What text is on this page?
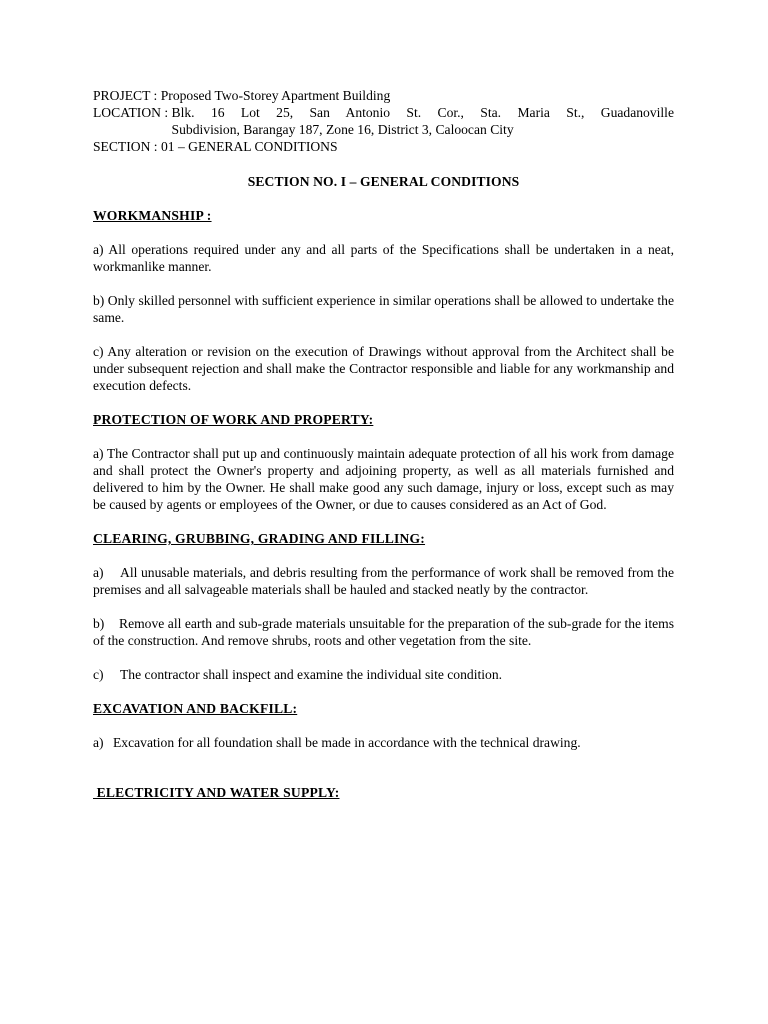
PROJECT : Proposed Two-Storey Apartment Building
LOCATION : Blk. 16 Lot 25, San Antonio St. Cor., Sta. Maria St., Guadanoville
Subdivision, Barangay 187, Zone 16, District 3, Caloocan City
SECTION : 01 – GENERAL CONDITIONS
SECTION NO. I – GENERAL CONDITIONS
WORKMANSHIP :
a) All operations required under any and all parts of the Specifications shall be undertaken in a neat, workmanlike manner.
b) Only skilled personnel with sufficient experience in similar operations shall be allowed to undertake the same.
c) Any alteration or revision on the execution of Drawings without approval from the Architect shall be under subsequent rejection and shall make the Contractor responsible and liable for any workmanship and execution defects.
PROTECTION OF WORK AND PROPERTY:
a) The Contractor shall put up and continuously maintain adequate protection of all his work from damage and shall protect the Owner's property and adjoining property, as well as all materials furnished and delivered to him by the Owner. He shall make good any such damage, injury or loss, except such as may be caused by agents or employees of the Owner, or due to causes considered as an Act of God.
CLEARING, GRUBBING, GRADING AND FILLING:
a) All unusable materials, and debris resulting from the performance of work shall be removed from the premises and all salvageable materials shall be hauled and stacked neatly by the contractor.
b) Remove all earth and sub-grade materials unsuitable for the preparation of the sub-grade for the items of the construction. And remove shrubs, roots and other vegetation from the site.
c) The contractor shall inspect and examine the individual site condition.
EXCAVATION AND BACKFILL:
a) Excavation for all foundation shall be made in accordance with the technical drawing.
ELECTRICITY AND WATER SUPPLY:
